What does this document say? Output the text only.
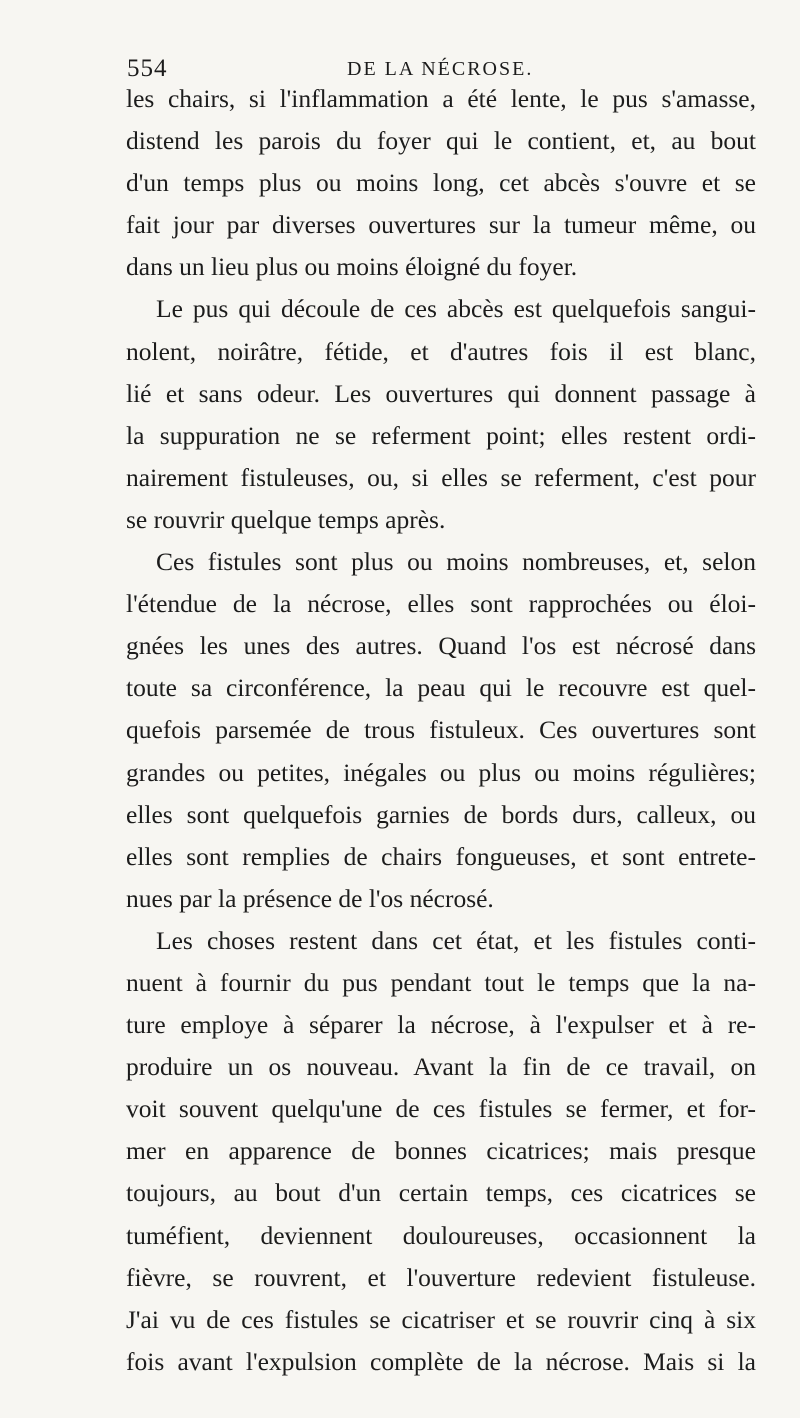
554	DE LA NÉCROSE.
les chairs, si l'inflammation a été lente, le pus s'amasse,
distend les parois du foyer qui le contient, et, au bout
d'un temps plus ou moins long, cet abcès s'ouvre et se
fait jour par diverses ouvertures sur la tumeur même, ou
dans un lieu plus ou moins éloigné du foyer.
Le pus qui découle de ces abcès est quelquefois sangui-
nolent, noirâtre, fétide, et d'autres fois il est blanc,
lié et sans odeur. Les ouvertures qui donnent passage à
la suppuration ne se referment point; elles restent ordi-
nairement fistuleuses, ou, si elles se referment, c'est pour
se rouvrir quelque temps après.
Ces fistules sont plus ou moins nombreuses, et, selon
l'étendue de la nécrose, elles sont rapprochées ou éloi-
gnées les unes des autres. Quand l'os est nécrosé dans
toute sa circonférence, la peau qui le recouvre est quel-
quefois parsemée de trous fistuleux. Ces ouvertures sont
grandes ou petites, inégales ou plus ou moins régulières;
elles sont quelquefois garnies de bords durs, calleux, ou
elles sont remplies de chairs fongueuses, et sont entrete-
nues par la présence de l'os nécrosé.
Les choses restent dans cet état, et les fistules conti-
nuent à fournir du pus pendant tout le temps que la na-
ture employe à séparer la nécrose, à l'expulser et à re-
produire un os nouveau. Avant la fin de ce travail, on
voit souvent quelqu'une de ces fistules se fermer, et for-
mer en apparence de bonnes cicatrices; mais presque
toujours, au bout d'un certain temps, ces cicatrices se
tuméfient, deviennent douloureuses, occasionnent la
fièvre, se rouvrent, et l'ouverture redevient fistuleuse.
J'ai vu de ces fistules se cicatriser et se rouvrir cinq à six
fois avant l'expulsion complète de la nécrose. Mais si la
